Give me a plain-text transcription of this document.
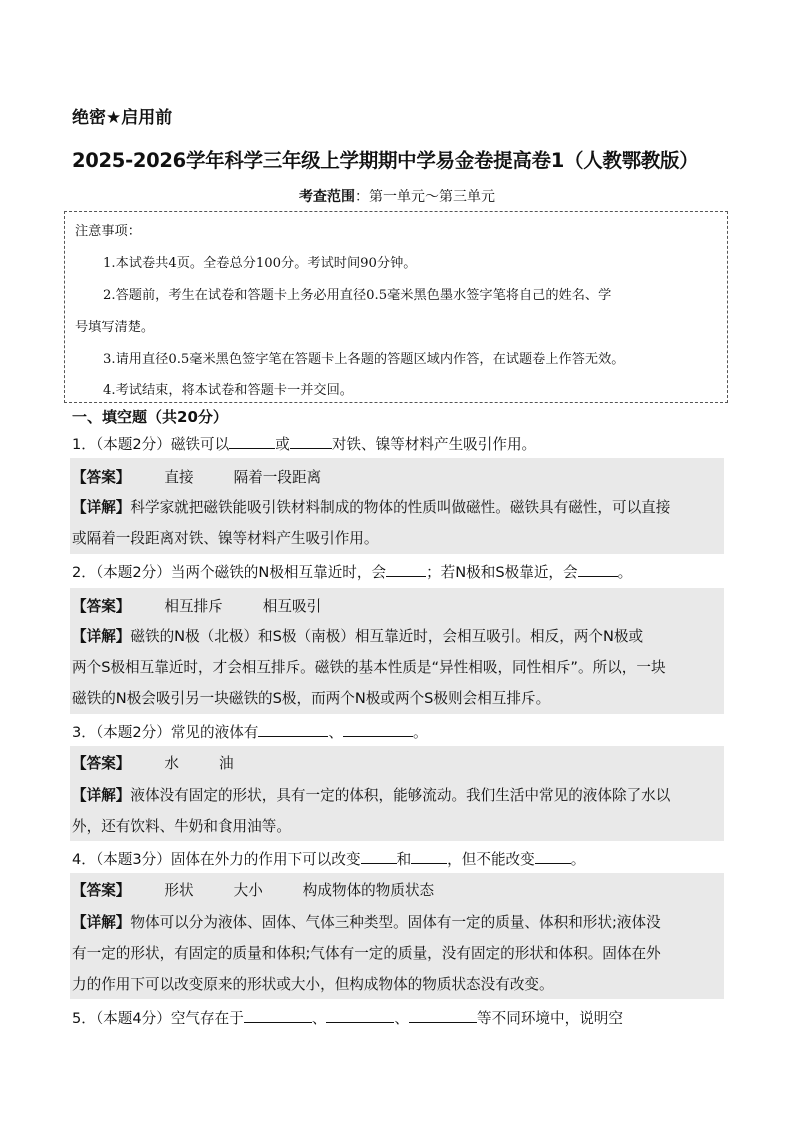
绝密★启用前
2025-2026学年科学三年级上学期期中学易金卷提高卷1（人教鄂教版）
考查范围：第一单元～第三单元
注意事项：
1.本试卷共4页。全卷总分100分。考试时间90分钟。
2.答题前，考生在试卷和答题卡上务必用直径0.5毫米黑色墨水签字笔将自己的姓名、学
号填写清楚。
3.请用直径0.5毫米黑色签字笔在答题卡上各题的答题区域内作答，在试题卷上作答无效。
4.考试结束，将本试卷和答题卡一并交回。
一、填空题（共20分）
1．（本题2分）磁铁可以	或	对铁、镍等材料产生吸引作用。
【答案】 直接	隔着一段距离
【详解】科学家就把磁铁能吸引铁材料制成的物体的性质叫做磁性。磁铁具有磁性，可以直接
或隔着一段距离对铁、镍等材料产生吸引作用。
2．（本题2分）当两个磁铁的N极相互靠近时，会	；若N极和S极靠近，会	。
【答案】 相互排斥	相互吸引
【详解】磁铁的N极（北极）和S极（南极）相互靠近时，会相互吸引。相反，两个N极或
两个S极相互靠近时，才会相互排斥。磁铁的基本性质是“异性相吸，同性相斥”。所以，一块
磁铁的N极会吸引另一块磁铁的S极，而两个N极或两个S极则会相互排斥。
3．（本题2分）常见的液体有	、	。
【答案】 水	油
【详解】液体没有固定的形状，具有一定的体积，能够流动。我们生活中常见的液体除了水以
外，还有饮料、牛奶和食用油等。
4．（本题3分）固体在外力的作用下可以改变 和 ，但不能改变 。
【答案】 形状	大小	构成物体的物质状态
【详解】物体可以分为液体、固体、气体三种类型。固体有一定的质量、体积和形状;液体没
有一定的形状，有固定的质量和体积;气体有一定的质量，没有固定的形状和体积。固体在外
力的作用下可以改变原来的形状或大小，但构成物体的物质状态没有改变。
5．（本题4分）空气存在于	、	、	等不同环境中，说明空
